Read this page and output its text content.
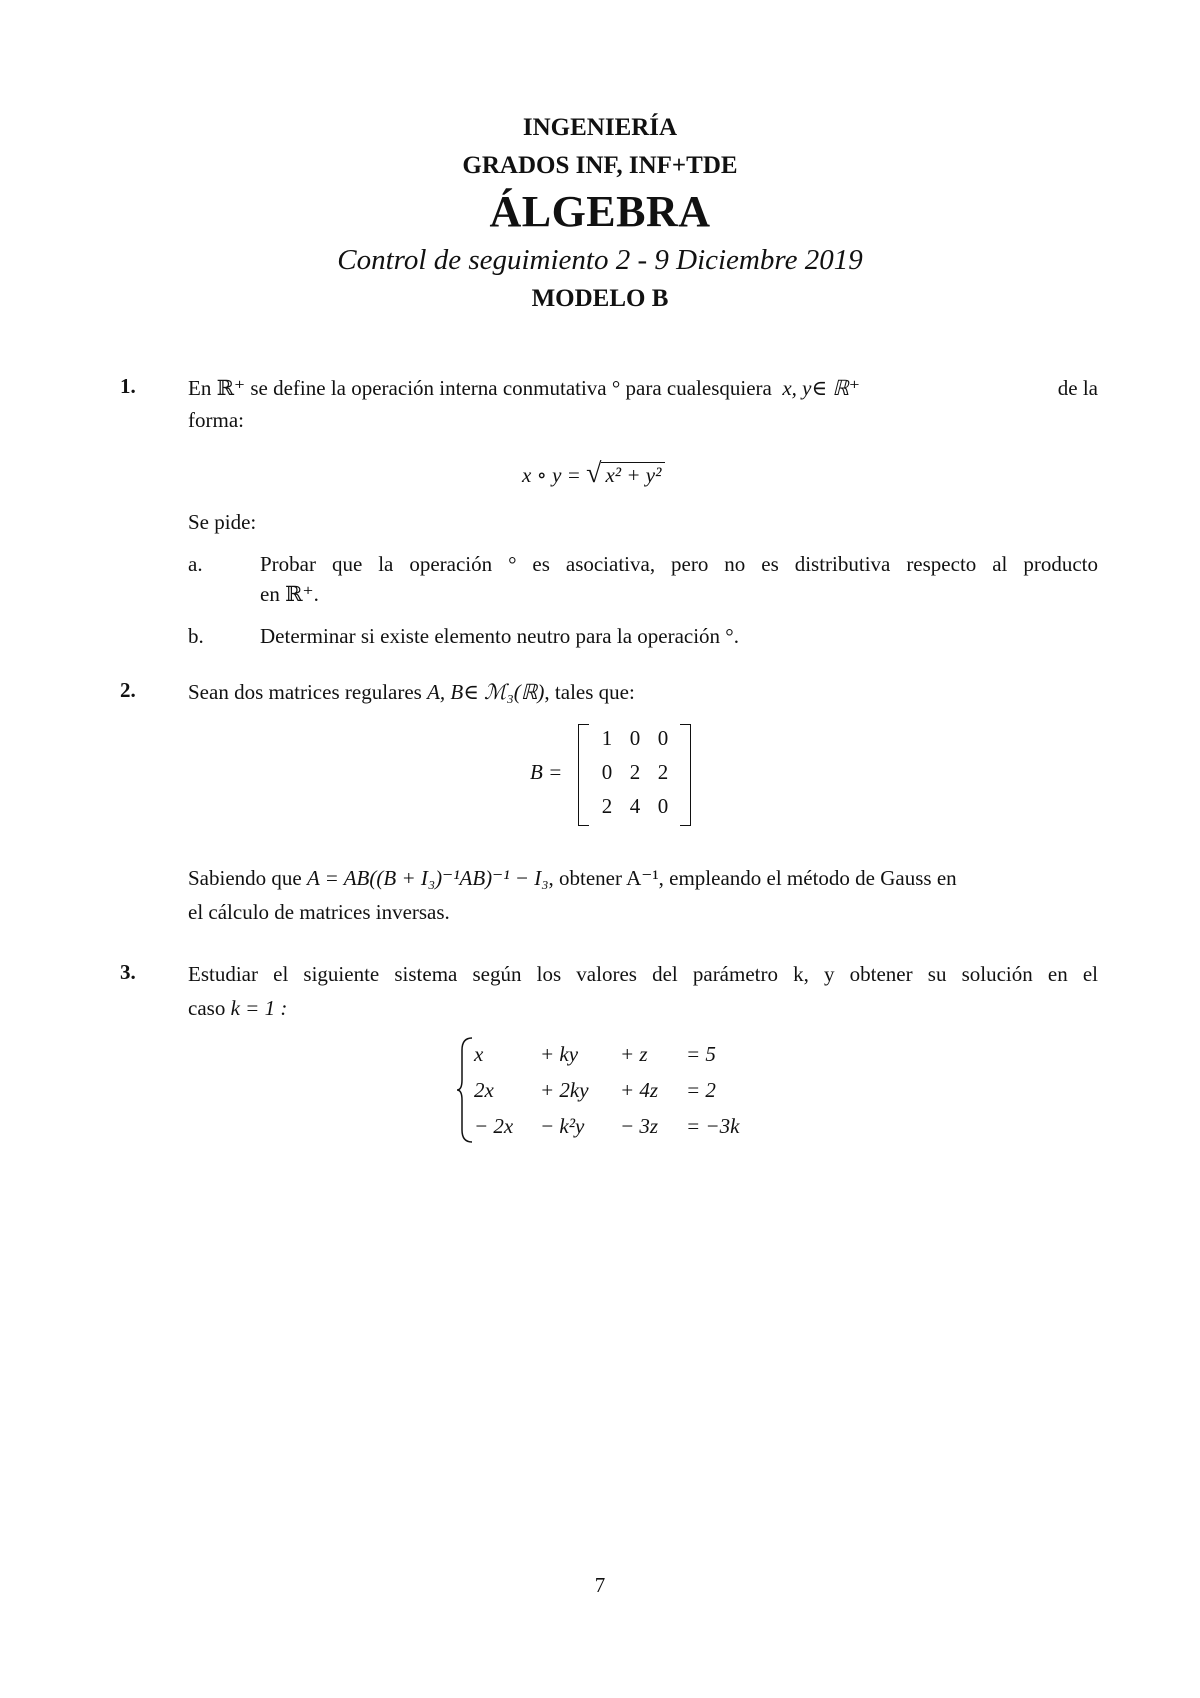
INGENIERÍA
GRADOS INF, INF+TDE
ÁLGEBRA
Control de seguimiento 2 - 9 Diciembre 2019
MODELO B
1. En ℝ⁺ se define la operación interna conmutativa ° para cualesquiera x, y∈ ℝ⁺	de la
forma:
x ∘ y = √ x² + y²
Se pide:
a.	Probar que la operación ° es asociativa, pero no es distributiva respecto al producto
en ℝ⁺.
b.	Determinar si existe elemento neutro para la operación °.
2. Sean dos matrices regulares A, B∈ ℳ₃(ℝ), tales que:
B =
1 0 0
0 2 2
2 4 0
Sabiendo que A = AB((B + I₃)⁻¹AB)⁻¹ − I₃, obtener A⁻¹, empleando el método de Gauss en
el cálculo de matrices inversas.
3. Estudiar el siguiente sistema según los valores del parámetro k, y obtener su solución en el
caso k = 1 :
x	+ ky + z = 5
2x + 2ky + 4z = 2
− 2x − k²y − 3z = −3k
7
